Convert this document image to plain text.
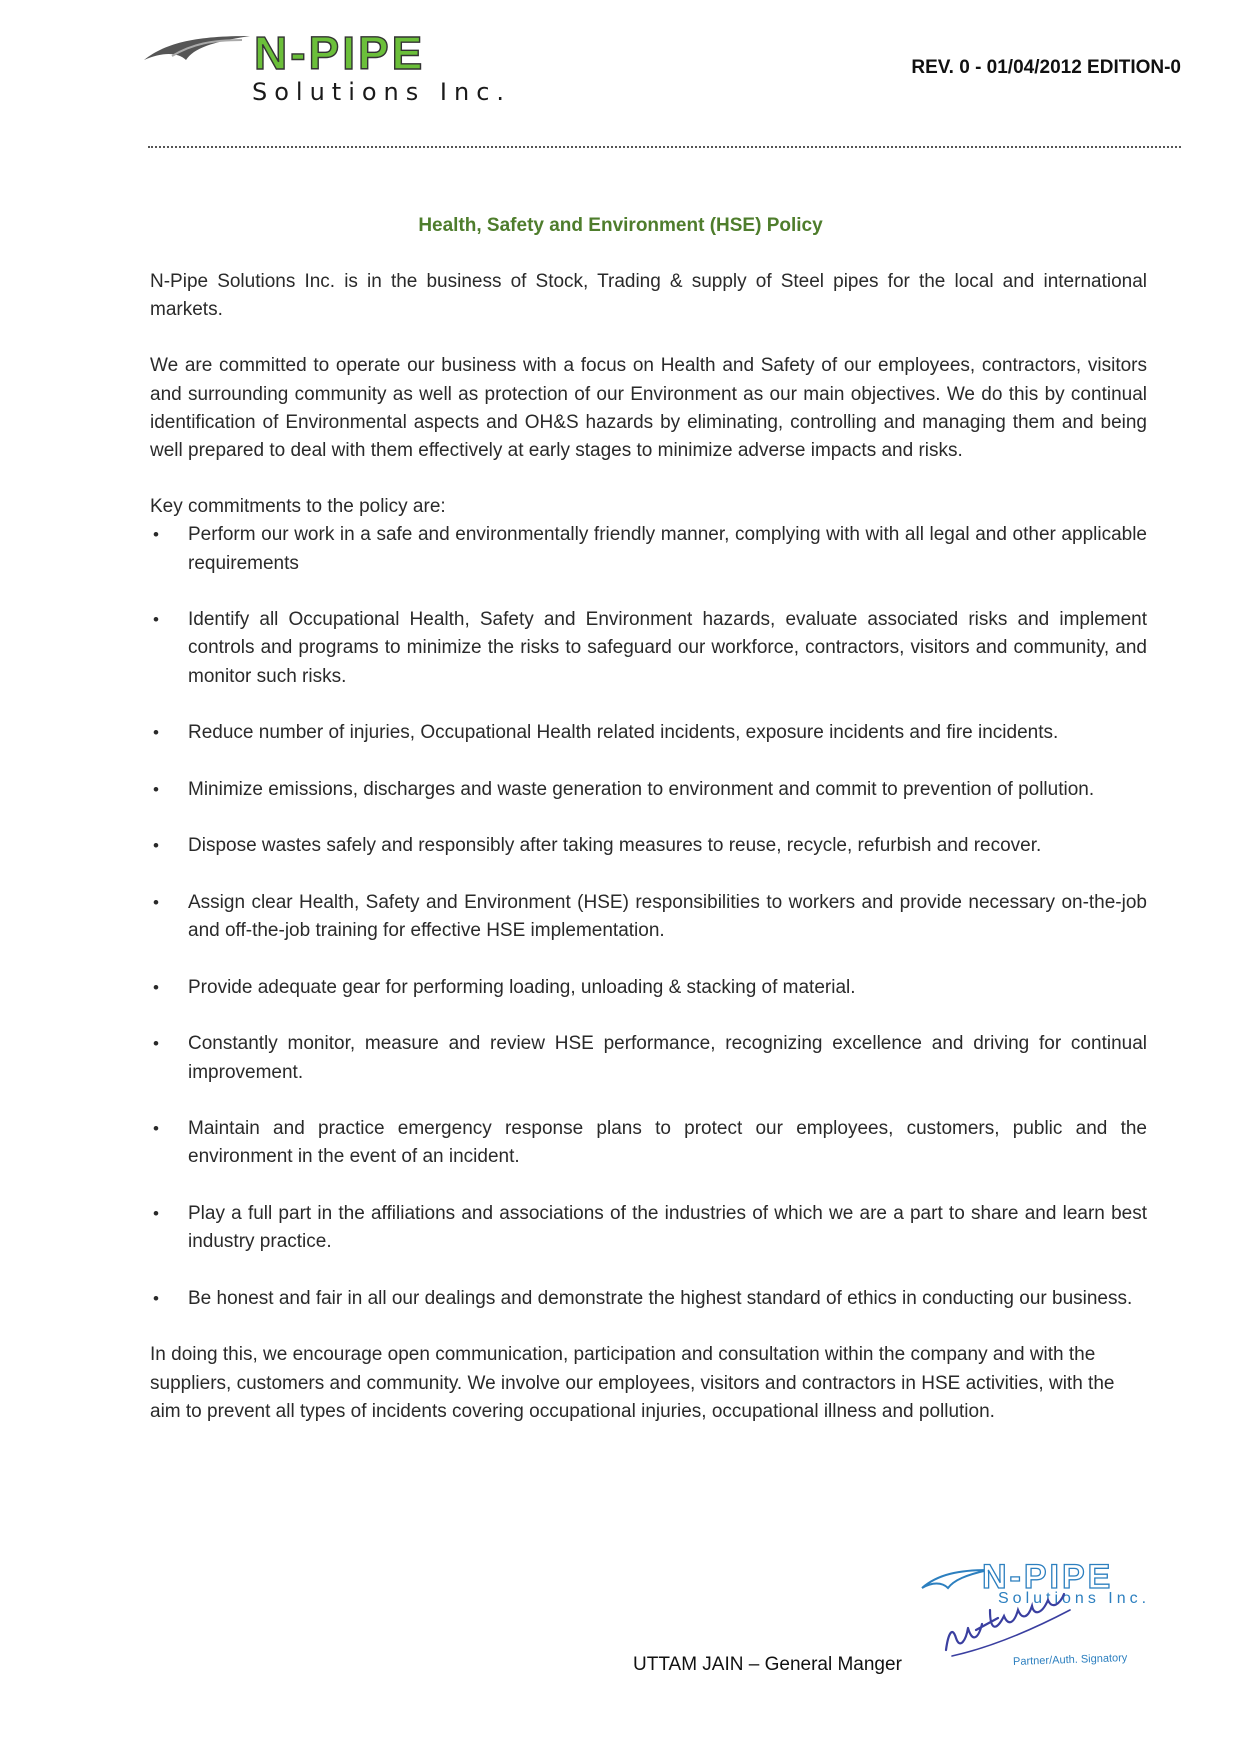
N-PIPE
Solutions Inc.
REV. 0 - 01/04/2012 EDITION-0
Health, Safety and Environment (HSE) Policy

N-Pipe Solutions Inc. is in the business of Stock, Trading & supply of Steel pipes for the local and international markets.

We are committed to operate our business with a focus on Health and Safety of our employees, contractors, visitors and surrounding community as well as protection of our Environment as our main objectives. We do this by continual identification of Environmental aspects and OH&S hazards by eliminating, controlling and managing them and being well prepared to deal with them effectively at early stages to minimize adverse impacts and risks.

Key commitments to the policy are:

• Perform our work in a safe and environmentally friendly manner, complying with with all legal and other applicable requirements
• Identify all Occupational Health, Safety and Environment hazards, evaluate associated risks and implement controls and programs to minimize the risks to safeguard our workforce, contractors, visitors and community, and monitor such risks.
• Reduce number of injuries, Occupational Health related incidents, exposure incidents and fire incidents.
• Minimize emissions, discharges and waste generation to environment and commit to prevention of pollution.
• Dispose wastes safely and responsibly after taking measures to reuse, recycle, refurbish and recover.
• Assign clear Health, Safety and Environment (HSE) responsibilities to workers and provide necessary on-the-job and off-the-job training for effective HSE implementation.
• Provide adequate gear for performing loading, unloading & stacking of material.
• Constantly monitor, measure and review HSE performance, recognizing excellence and driving for continual improvement.
• Maintain and practice emergency response plans to protect our employees, customers, public and the environment in the event of an incident.
• Play a full part in the affiliations and associations of the industries of which we are a part to share and learn best industry practice.
• Be honest and fair in all our dealings and demonstrate the highest standard of ethics in conducting our business.

In doing this, we encourage open communication, participation and consultation within the company and with the suppliers, customers and community. We involve our employees, visitors and contractors in HSE activities, with the aim to prevent all types of incidents covering occupational injuries, occupational illness and pollution.

UTTAM JAIN – General Manger
N-PIPE
Solutions Inc.
Partner/Auth. Signatory
